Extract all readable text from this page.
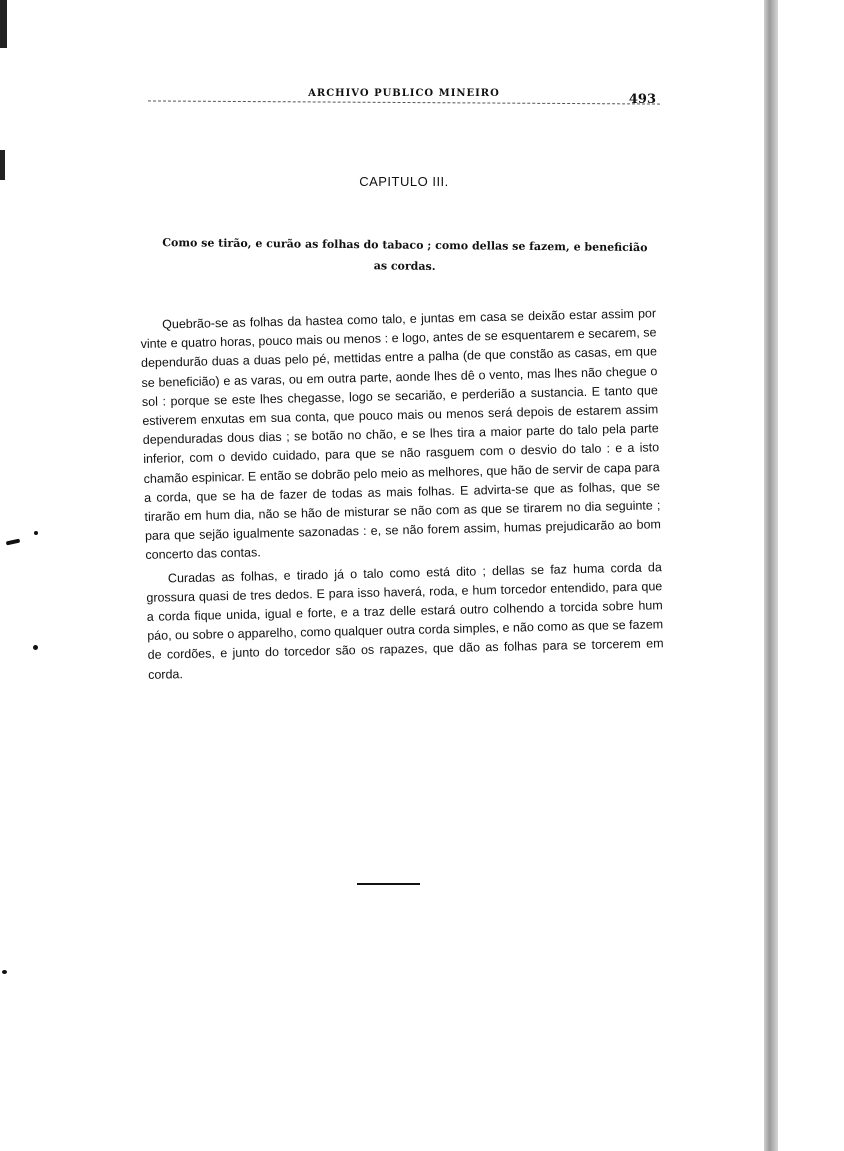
ARCHIVO PUBLICO MINEIRO	493
CAPITULO III.
Como se tirão, e curão as folhas do tabaco ; como dellas se fazem, e beneficião as cordas.

Quebrão-se as folhas da hastea como talo, e juntas em casa se deixão estar assim por vinte e quatro horas, pouco mais ou menos : e logo, antes de se esquentarem e secarem, se dependurão duas a duas pelo pé, mettidas entre a palha (de que constão as casas, em que se beneficião) e as varas, ou em outra parte, aonde lhes dê o vento, mas lhes não chegue o sol : porque se este lhes chegasse, logo se secarião, e perderião a sustancia. E tanto que estiverem enxutas em sua conta, que pouco mais ou menos será depois de estarem assim dependuradas dous dias ; se botão no chão, e se lhes tira a maior parte do talo pela parte inferior, com o devido cuidado, para que se não rasguem com o desvio do talo : e a isto chamão espinicar. E então se dobrão pelo meio as melhores, que hão de servir de capa para a corda, que se ha de fazer de todas as mais folhas. E advirta-se que as folhas, que se tirarão em hum dia, não se hão de misturar se não com as que se tirarem no dia seguinte ; para que sejão igualmente sazonadas : e, se não forem assim, humas prejudicarão ao bom concerto das contas.

Curadas as folhas, e tirado já o talo como está dito ; dellas se faz huma corda da grossura quasi de tres dedos. E para isso haverá, roda, e hum torcedor entendido, para que a corda fique unida, igual e forte, e a traz delle estará outro colhendo a torcida sobre hum páo, ou sobre o apparelho, como qualquer outra corda simples, e não como as que se fazem de cordões, e junto do torcedor são os rapazes, que dão as folhas para se torcerem em corda.
